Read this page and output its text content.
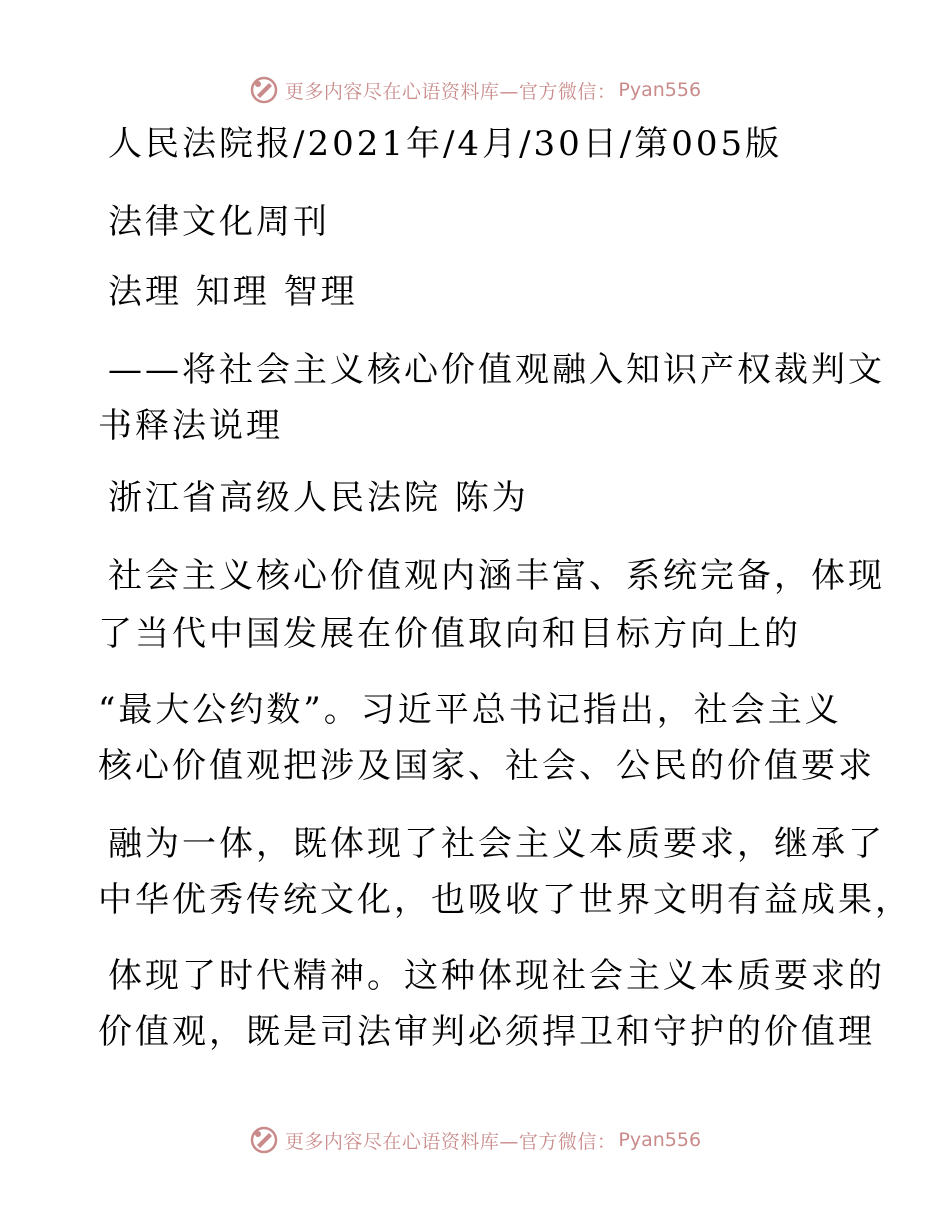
更多内容尽在心语资料库—官方微信： Pyan556
人民法院报/2021年/4月/30日/第005版
法律文化周刊
法理 知理 智理
——将社会主义核心价值观融入知识产权裁判文
书释法说理
浙江省高级人民法院 陈为
社会主义核心价值观内涵丰富、系统完备，体现
了当代中国发展在价值取向和目标方向上的
“最大公约数”。习近平总书记指出，社会主义
核心价值观把涉及国家、社会、公民的价值要求
融为一体，既体现了社会主义本质要求，继承了
中华优秀传统文化，也吸收了世界文明有益成果，
体现了时代精神。这种体现社会主义本质要求的
价值观，既是司法审判必须捍卫和守护的价值理
更多内容尽在心语资料库—官方微信： Pyan556
